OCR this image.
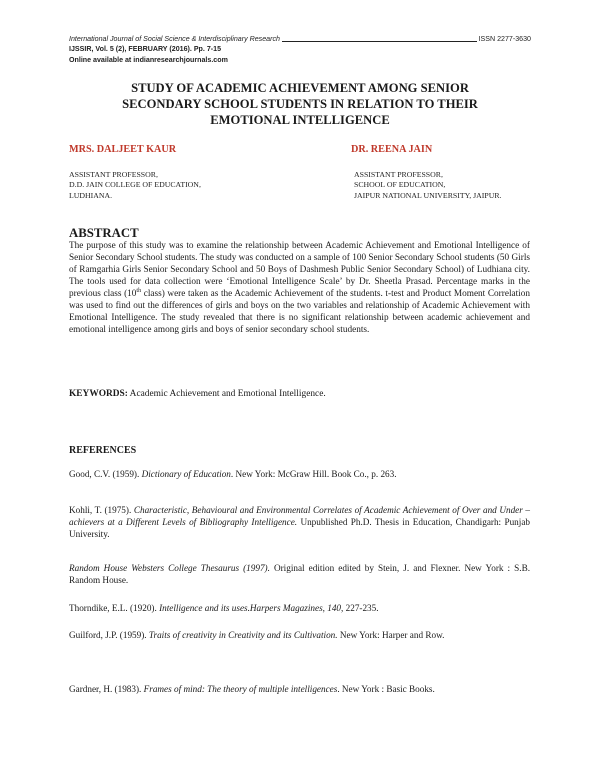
International Journal of Social Science & Interdisciplinary Research	ISSN 2277-3630
IJSSIR, Vol. 5 (2), FEBRUARY (2016). Pp. 7-15
Online available at indianresearchjournals.com
STUDY OF ACADEMIC ACHIEVEMENT AMONG SENIOR
SECONDARY SCHOOL STUDENTS IN RELATION TO THEIR
EMOTIONAL INTELLIGENCE
MRS. DALJEET KAUR	DR. REENA JAIN
ASSISTANT PROFESSOR,
D.D. JAIN COLLEGE OF EDUCATION,
LUDHIANA.
ASSISTANT PROFESSOR,
SCHOOL OF EDUCATION,
JAIPUR NATIONAL UNIVERSITY, JAIPUR.
ABSTRACT
The purpose of this study was to examine the relationship between Academic Achievement and Emotional Intelligence of Senior Secondary School students. The study was conducted on a sample of 100 Senior Secondary School students (50 Girls of Ramgarhia Girls Senior Secondary School and 50 Boys of Dashmesh Public Senior Secondary School) of Ludhiana city. The tools used for data collection were ‘Emotional Intelligence Scale’ by Dr. Sheetla Prasad. Percentage marks in the previous class (10th class) were taken as the Academic Achievement of the students. t-test and Product Moment Correlation was used to find out the differences of girls and boys on the two variables and relationship of Academic Achievement with Emotional Intelligence. The study revealed that there is no significant relationship between academic achievement and emotional intelligence among girls and boys of senior secondary school students.
KEYWORDS: Academic Achievement and Emotional Intelligence.
REFERENCES
Good, C.V. (1959). Dictionary of Education. New York: McGraw Hill. Book Co., p. 263.
Kohli, T. (1975). Characteristic, Behavioural and Environmental Correlates of Academic Achievement of Over and Under –achievers at a Different Levels of Bibliography Intelligence. Unpublished Ph.D. Thesis in Education, Chandigarh: Punjab University.
Random House Websters College Thesaurus (1997). Original edition edited by Stein, J. and Flexner. New York : S.B. Random House.
Thorndike, E.L. (1920). Intelligence and its uses.Harpers Magazines, 140, 227-235.
Guilford, J.P. (1959). Traits of creativity in Creativity and its Cultivation. New York: Harper and Row.
Gardner, H. (1983). Frames of mind: The theory of multiple intelligences. New York : Basic Books.
